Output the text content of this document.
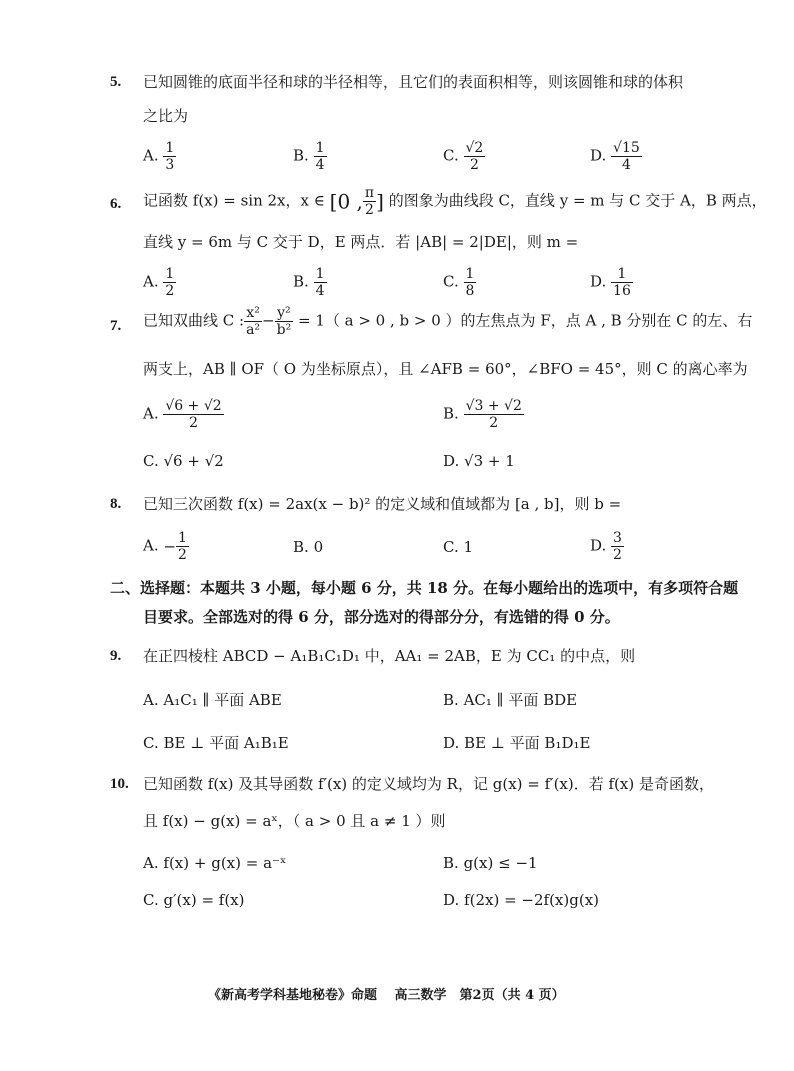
5. 已知圆锥的底面半径和球的半径相等，且它们的表面积相等，则该圆锥和球的体积
之比为
A. $\frac{1}{3}$	B. $\frac{1}{4}$	C. $\frac{√2}{2}$	D. $\frac{√15}{4}$
6. 记函数 f(x) = sin 2x，x ∈ [0 , $\frac{\pi}{2}$ ] 的图象为曲线段 C，直线 y = m 与 C 交于 A，B 两点，
直线 y = 6m 与 C 交于 D，E 两点．若 |AB| = 2|DE|，则 m =
A. $\frac{1}{2}$	B. $\frac{1}{4}$	C. $\frac{1}{8}$	D. $\frac{1}{16}$
7. 已知双曲线 C : $\frac{\text{x²}}{\text{a²}} - \frac{\text{y²}}{\text{b²}} = 1$（ a > 0 , b > 0 ）的左焦点为 F，点 A , B 分别在 C 的左、右
两支上，AB ∥ OF（ O 为坐标原点），且 ∠AFB = 60°，∠BFO = 45°，则 C 的离心率为
A. $\frac{√6 + √2}{2}$	B. $\frac{√3 + √2}{2}$
C. √6 + √2	D. √3 + 1
8. 已知三次函数 f(x) = 2ax(x − b)² 的定义域和值域都为 [a , b]，则 b =
A. − $\frac{1}{2}$	B. 0	C. 1	D. $\frac{3}{2}$
二、选择题：本题共 3 小题，每小题 6 分，共 18 分。在每小题给出的选项中，有多项符合题
目要求。全部选对的得 6 分，部分选对的得部分分，有选错的得 0 分。
9. 在正四棱柱 ABCD − A₁B₁C₁D₁ 中，AA₁ = 2AB，E 为 CC₁ 的中点，则
A. A₁C₁ ∥ 平面 ABE	B. AC₁ ∥ 平面 BDE
C. BE ⊥ 平面 A₁B₁E	D. BE ⊥ 平面 B₁D₁E
10. 已知函数 f(x) 及其导函数 f′(x) 的定义域均为 R，记 g(x) = f′(x)．若 f(x) 是奇函数，
且 f(x) − g(x) = aˣ，（ a > 0 且 a ≠ 1 ）则
A. f(x) + g(x) = a⁻ˣ	B. g(x) ≤ −1
C. g′(x) = f(x)	D. f(2x) = −2f(x)g(x)
《新高考学科基地秘卷》命题　 高三数学　第2页（共 4 页）
